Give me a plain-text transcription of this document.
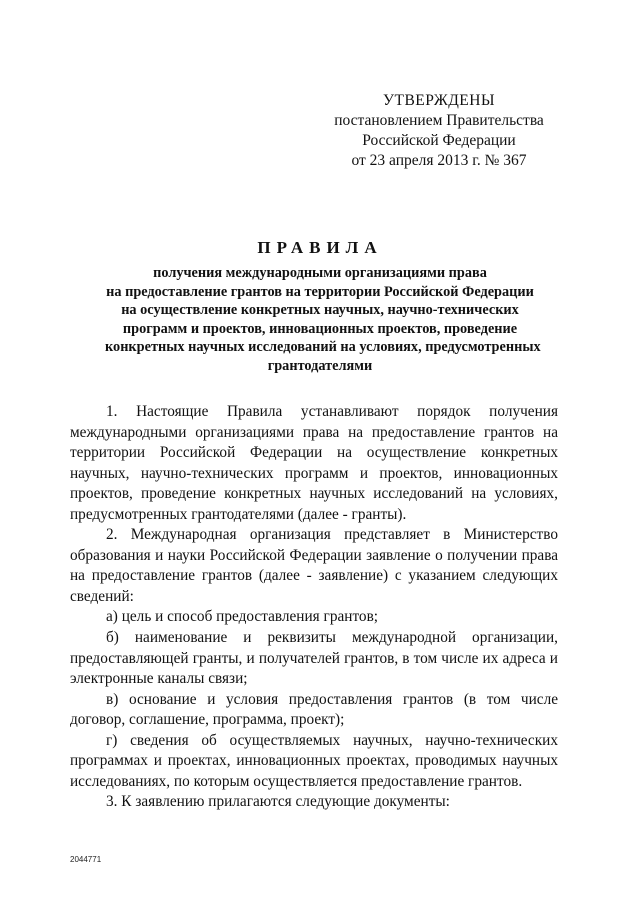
УТВЕРЖДЕНЫ
постановлением Правительства
Российской Федерации
от 23 апреля 2013 г. № 367
ПРАВИЛА
получения международными организациями права
на предоставление грантов на территории Российской Федерации
на осуществление конкретных научных, научно-технических
программ и проектов, инновационных проектов, проведение
конкретных научных исследований на условиях, предусмотренных
грантодателями
1. Настоящие Правила устанавливают порядок получения
международными организациями права на предоставление грантов на
территории Российской Федерации на осуществление конкретных
научных, научно-технических программ и проектов, инновационных
проектов, проведение конкретных научных исследований на условиях,
предусмотренных грантодателями (далее - гранты).
2. Международная организация представляет в Министерство
образования и науки Российской Федерации заявление о получении права
на предоставление грантов (далее - заявление) с указанием следующих
сведений:
а) цель и способ предоставления грантов;
б) наименование и реквизиты международной организации,
предоставляющей гранты, и получателей грантов, в том числе их адреса и
электронные каналы связи;
в) основание и условия предоставления грантов (в том числе
договор, соглашение, программа, проект);
г) сведения об осуществляемых научных, научно-технических
программах и проектах, инновационных проектах, проводимых научных
исследованиях, по которым осуществляется предоставление грантов.
3. К заявлению прилагаются следующие документы:
2044771
